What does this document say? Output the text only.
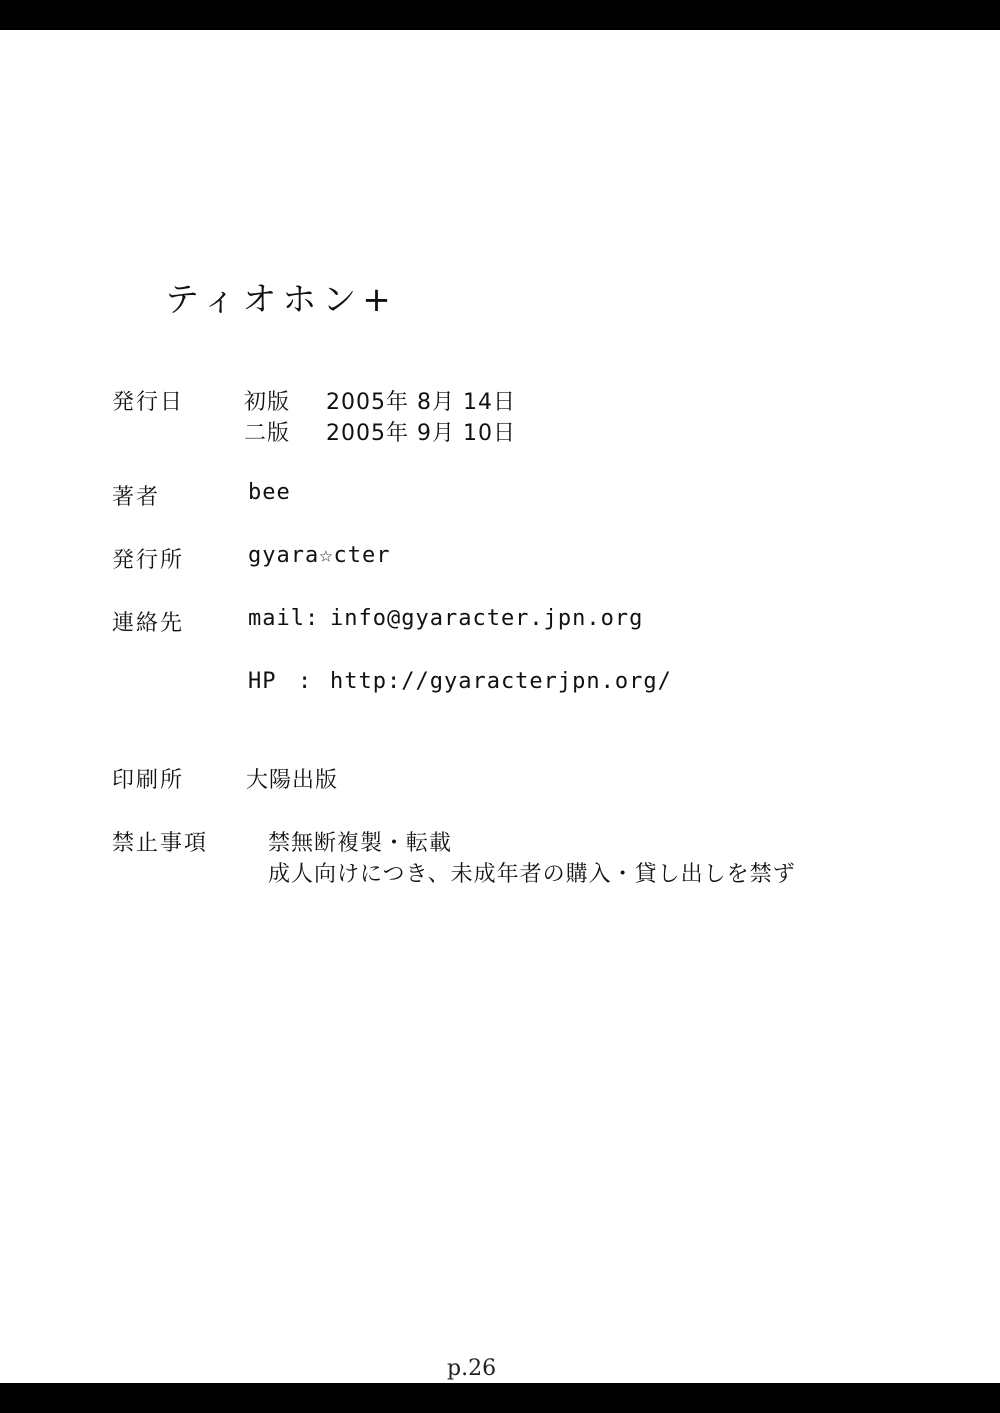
ティオホン+
発行日	初版 2005年 8月 14日
二版 2005年 9月 10日
著者	bee
発行所	gyara☆cter
連絡先	mail: info@gyaracter.jpn.org
HP : http://gyaracterjpn.org/
印刷所	大陽出版
禁止事項	禁無断複製・転載
成人向けにつき、未成年者の購入・貸し出しを禁ず
p.26
